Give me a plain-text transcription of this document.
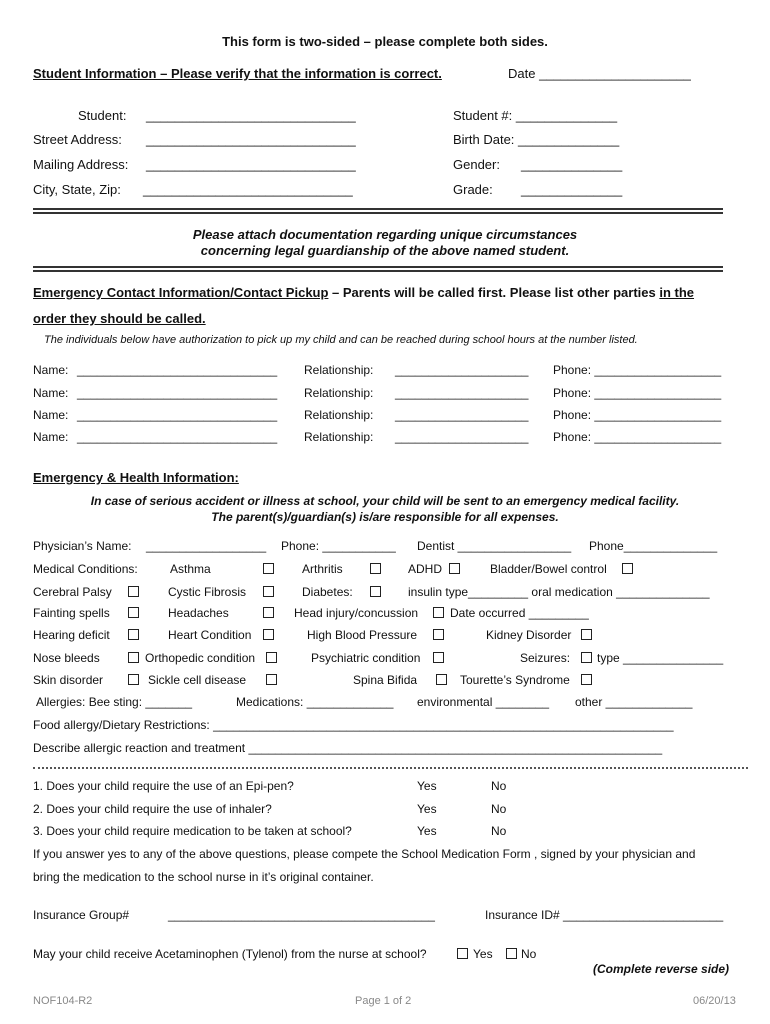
This form is two-sided – please complete both sides.
Student Information – Please verify that the information is correct.	Date _____________________
Student: _____________________________
Street Address: _____________________________
Mailing Address: _____________________________
City, State, Zip: _____________________________
Student #: ______________
Birth Date: ______________
Gender: ______________
Grade: ______________
Please attach documentation regarding unique circumstances
concerning legal guardianship of the above named student.
Emergency Contact Information/Contact Pickup – Parents will be called first. Please list other parties in the
order they should be called.
The individuals below have authorization to pick up my child and can be reached during school hours at the number listed.
Name: ______________________________ Relationship: ____________________ Phone: ___________________
Name: ______________________________ Relationship: ____________________ Phone: ___________________
Name: ______________________________ Relationship: ____________________ Phone: ___________________
Name: ______________________________ Relationship: ____________________ Phone: ___________________
Emergency & Health Information:
In case of serious accident or illness at school, your child will be sent to an emergency medical facility.
The parent(s)/guardian(s) is/are responsible for all expenses.
Physician’s Name: __________________ Phone: ___________ Dentist _________________ Phone______________
Medical Conditions:	Asthma	Arthritis	ADHD	Bladder/Bowel control
Cerebral Palsy	Cystic Fibrosis	Diabetes:	insulin type_________ oral medication ______________
Fainting spells	Headaches	Head injury/concussion	Date occurred _________
Hearing deficit	Heart Condition	High Blood Pressure	Kidney Disorder
Nose bleeds	Orthopedic condition	Psychiatric condition	Seizures: type _______________
Skin disorder	Sickle cell disease	Spina Bifida	Tourette’s Syndrome
Allergies: Bee sting: _______	Medications: _____________ environmental ________ other _____________
Food allergy/Dietary Restrictions: _____________________________________________________________________
Describe allergic reaction and treatment ______________________________________________________________
1. Does your child require the use of an Epi-pen?	Yes	No
2. Does your child require the use of inhaler?	Yes	No
3. Does your child require medication to be taken at school?	Yes	No
If you answer yes to any of the above questions, please compete the School Medication Form , signed by your physician and
bring the medication to the school nurse in it’s original container.
Insurance Group#	________________________________________	Insurance ID# ________________________
May your child receive Acetaminophen (Tylenol) from the nurse at school?	Yes No
(Complete reverse side)
NOF104-R2	Page 1 of 2	06/20/13
